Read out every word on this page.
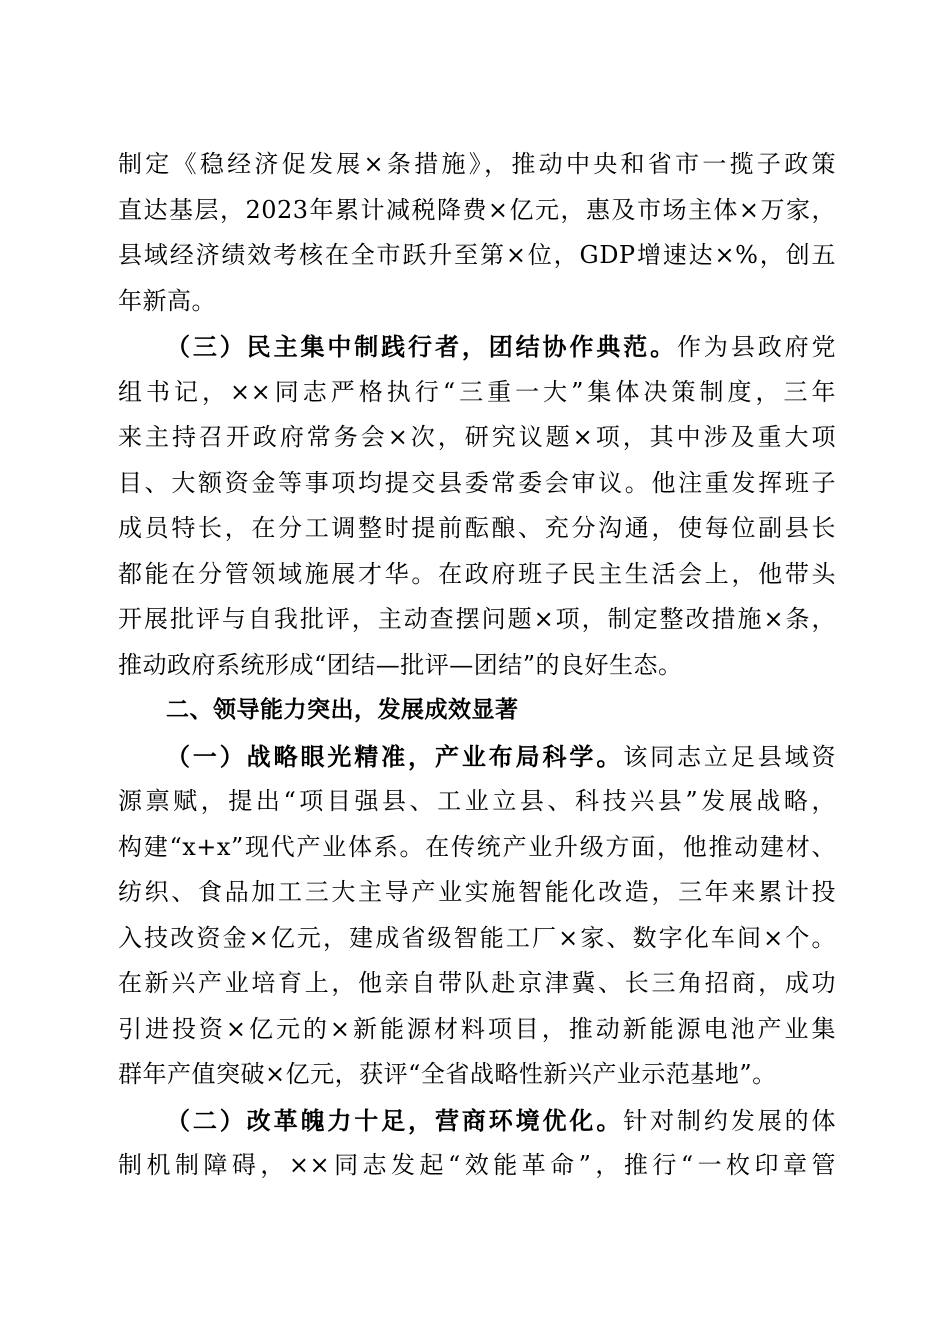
制定《稳经济促发展×条措施》，推动中央和省市一揽子政策
直达基层，2023年累计减税降费×亿元，惠及市场主体×万家，
县域经济绩效考核在全市跃升至第×位，GDP增速达×%，创五
年新高。
（三）民主集中制践行者，团结协作典范。作为县政府党
组书记，××同志严格执行“三重一大”集体决策制度，三年
来主持召开政府常务会×次，研究议题×项，其中涉及重大项
目、大额资金等事项均提交县委常委会审议。他注重发挥班子
成员特长，在分工调整时提前酝酿、充分沟通，使每位副县长
都能在分管领域施展才华。在政府班子民主生活会上，他带头
开展批评与自我批评，主动查摆问题×项，制定整改措施×条，
推动政府系统形成“团结—批评—团结”的良好生态。
二、领导能力突出，发展成效显著
（一）战略眼光精准，产业布局科学。该同志立足县域资
源禀赋，提出“项目强县、工业立县、科技兴县”发展战略，
构建“x+x”现代产业体系。在传统产业升级方面，他推动建材、
纺织、食品加工三大主导产业实施智能化改造，三年来累计投
入技改资金×亿元，建成省级智能工厂×家、数字化车间×个。
在新兴产业培育上，他亲自带队赴京津冀、长三角招商，成功
引进投资×亿元的×新能源材料项目，推动新能源电池产业集
群年产值突破×亿元，获评“全省战略性新兴产业示范基地”。
（二）改革魄力十足，营商环境优化。针对制约发展的体
制机制障碍，××同志发起“效能革命”，推行“一枚印章管
